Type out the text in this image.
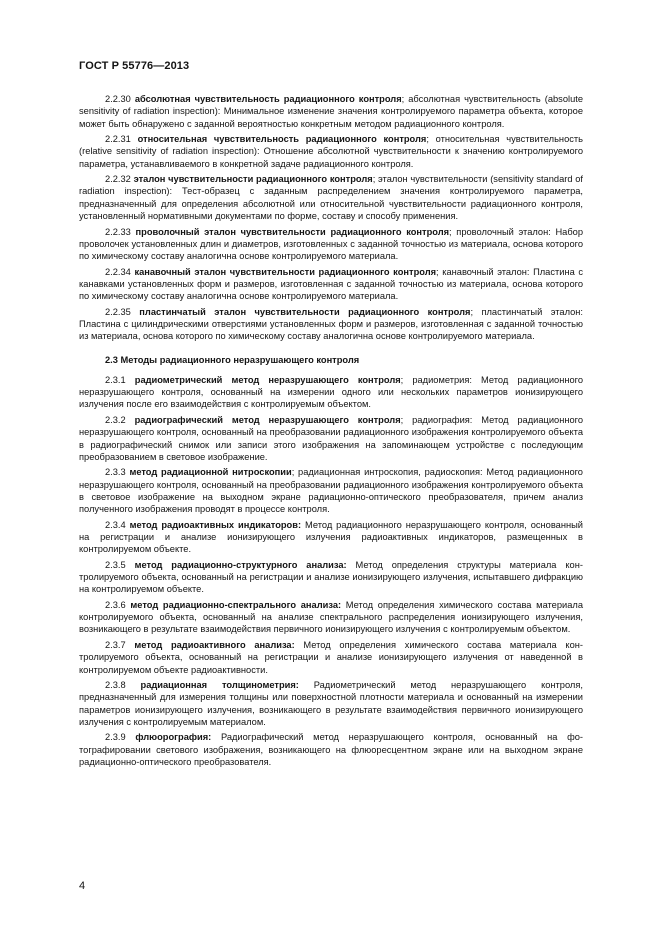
ГОСТ Р 55776—2013

2.2.30 абсолютная чувствительность радиационного контроля; абсолютная чувствительность (absolute sensitivity of radiation inspection): Минимальное изменение значения контролируемого параметра объекта, которое может быть обнаружено с заданной вероятностью конкретным методом радиационного контроля.

2.2.31 относительная чувствительность радиационного контроля; относительная чувствительность (relative sensitivity of radiation inspection): Отношение абсолютной чувствительности к значению контролируемого параметра, устанавливаемого в конкретной задаче радиационного контроля.

2.2.32 эталон чувствительности радиационного контроля; эталон чувствительности (sensitivity standard of radiation inspection): Тест-образец с заданным распределением значения контролируемого параметра, предназначенный для определения абсолютной или относительной чувствительности радиационного контроля, установленный нормативными документами по форме, составу и способу применения.

2.2.33 проволочный эталон чувствительности радиационного контроля; проволочный эталон: Набор проволочек установленных длин и диаметров, изготовленных с заданной точностью из материала, основа которого по химическому составу аналогична основе контролируемого материала.

2.2.34 канавочный эталон чувствительности радиационного контроля; канавочный эталон: Пластина с канавками установленных форм и размеров, изготовленная с заданной точностью из материала, основа которого по химическому составу аналогична основе контролируемого материала.

2.2.35 пластинчатый эталон чувствительности радиационного контроля; пластинчатый эталон: Пластина с цилиндрическими отверстиями установленных форм и размеров, изготовленная с заданной точностью из материала, основа которого по химическому составу аналогична основе контролируемого материала.

2.3 Методы радиационного неразрушающего контроля

2.3.1 радиометрический метод неразрушающего контроля; радиометрия: Метод радиационного неразрушающего контроля, основанный на измерении одного или нескольких параметров ионизирующего излучения после его взаимодействия с контролируемым объектом.

2.3.2 радиографический метод неразрушающего контроля; радиография: Метод радиационного неразрушающего контроля, основанный на преобразовании радиационного изображения контролируемого объекта в радиографический снимок или записи этого изображения на запоминающем устройстве с последующим преобразованием в световое изображение.

2.3.3 метод радиационной нитроскопии; радиационная интроскопия, радиоскопия: Метод радиационного неразрушающего контроля, основанный на преобразовании радиационного изображения контролируемого объекта в световое изображение на выходном экране радиационно-оптического преобразователя, причем анализ полученного изображения проводят в процессе контроля.

2.3.4 метод радиоактивных индикаторов: Метод радиационного неразрушающего контроля, основанный на регистрации и анализе ионизирующего излучения радиоактивных индикаторов, размещенных в контролируемом объекте.

2.3.5 метод радиационно-структурного анализа: Метод определения структуры материала контролируемого объекта, основанный на регистрации и анализе ионизирующего излучения, испытавшего дифракцию на контролируемом объекте.

2.3.6 метод радиационно-спектрального анализа: Метод определения химического состава материала контролируемого объекта, основанный на анализе спектрального распределения ионизирующего излучения, возникающего в результате взаимодействия первичного ионизирующего излучения с контролируемым объектом.

2.3.7 метод радиоактивного анализа: Метод определения химического состава материала контролируемого объекта, основанный на регистрации и анализе ионизирующего излучения от наведенной в контролируемом объекте радиоактивности.

2.3.8 радиационная толщинометрия: Радиометрический метод неразрушающего контроля, предназначенный для измерения толщины или поверхностной плотности материала и основанный на измерении параметров ионизирующего излучения, возникающего в результате взаимодействия первичного ионизирующего излучения с контролируемым материалом.

2.3.9 флюорография: Радиографический метод неразрушающего контроля, основанный на фотографировании светового изображения, возникающего на флюоресцентном экране или на выходном экране радиационно-оптического преобразователя.

4
